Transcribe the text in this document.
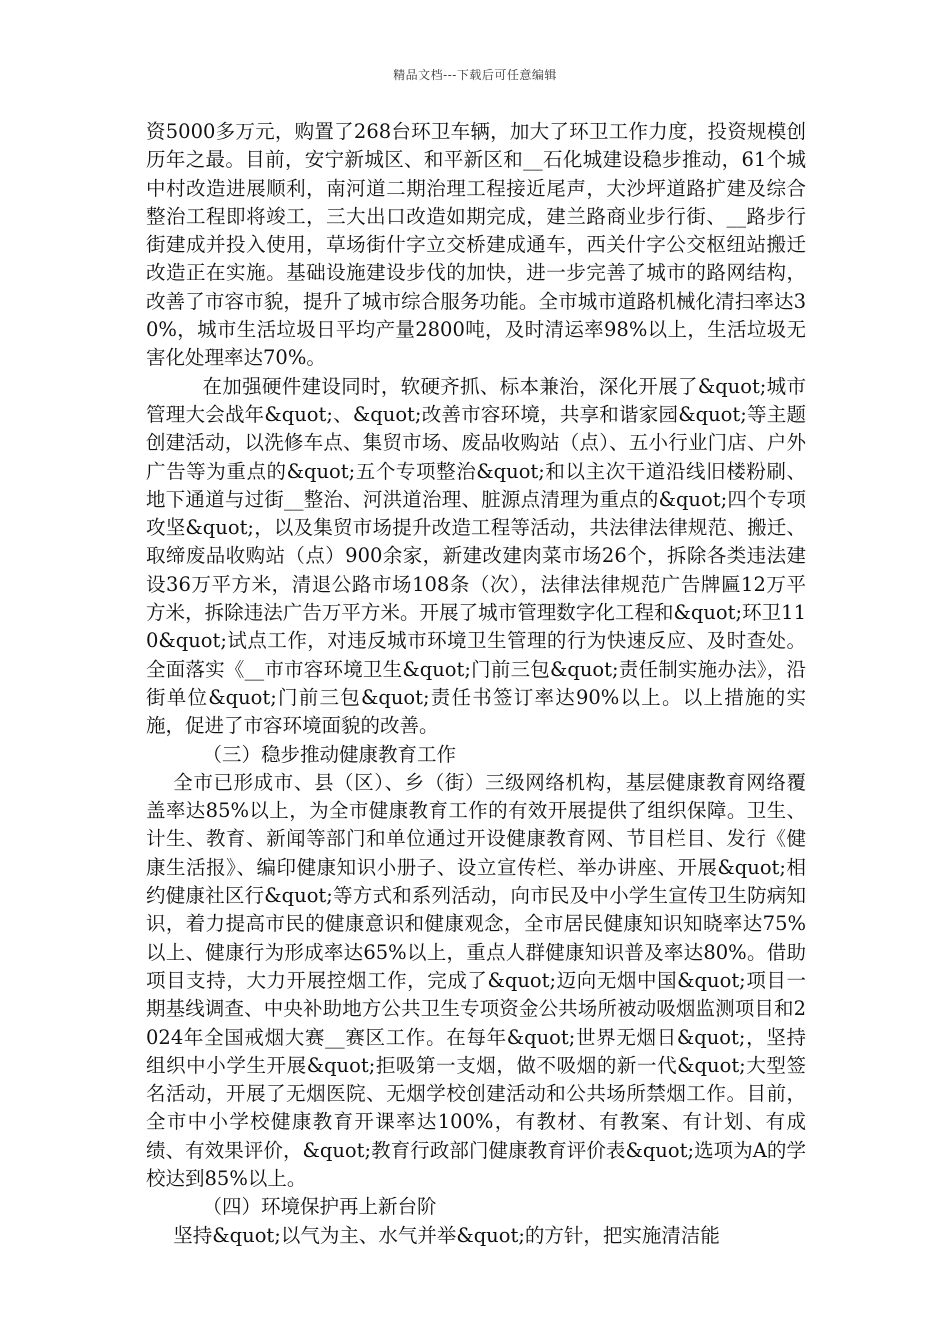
精品文档---下载后可任意编辑

资5000多万元，购置了268台环卫车辆，加大了环卫工作力度，投资规模创历年之最。目前，安宁新城区、和平新区和__石化城建设稳步推动，61个城中村改造进展顺利，南河道二期治理工程接近尾声，大沙坪道路扩建及综合整治工程即将竣工，三大出口改造如期完成，建兰路商业步行街、__路步行街建成并投入使用，草场街什字立交桥建成通车，西关什字公交枢纽站搬迁改造正在实施。基础设施建设步伐的加快，进一步完善了城市的路网结构，改善了市容市貌，提升了城市综合服务功能。全市城市道路机械化清扫率达30%，城市生活垃圾日平均产量2800吨，及时清运率98%以上，生活垃圾无害化处理率达70%。

在加强硬件建设同时，软硬齐抓、标本兼治，深化开展了&quot;城市管理大会战年&quot;、&quot;改善市容环境，共享和谐家园&quot;等主题创建活动，以洗修车点、集贸市场、废品收购站（点）、五小行业门店、户外广告等为重点的&quot;五个专项整治&quot;和以主次干道沿线旧楼粉刷、地下通道与过街__整治、河洪道治理、脏源点清理为重点的&quot;四个专项攻坚&quot;，以及集贸市场提升改造工程等活动，共法律法律规范、搬迁、取缔废品收购站（点）900余家，新建改建肉菜市场26个，拆除各类违法建设36万平方米，清退公路市场108条（次），法律法律规范广告牌匾12万平方米，拆除违法广告万平方米。开展了城市管理数字化工程和&quot;环卫110&quot;试点工作，对违反城市环境卫生管理的行为快速反应、及时查处。全面落实《__市市容环境卫生&quot;门前三包&quot;责任制实施办法》，沿街单位&quot;门前三包&quot;责任书签订率达90%以上。以上措施的实施，促进了市容环境面貌的改善。

（三）稳步推动健康教育工作

全市已形成市、县（区）、乡（街）三级网络机构，基层健康教育网络覆盖率达85%以上，为全市健康教育工作的有效开展提供了组织保障。卫生、计生、教育、新闻等部门和单位通过开设健康教育网、节目栏目、发行《健康生活报》、编印健康知识小册子、设立宣传栏、举办讲座、开展&quot;相约健康社区行&quot;等方式和系列活动，向市民及中小学生宣传卫生防病知识，着力提高市民的健康意识和健康观念，全市居民健康知识知晓率达75%以上、健康行为形成率达65%以上，重点人群健康知识普及率达80%。借助项目支持，大力开展控烟工作，完成了&quot;迈向无烟中国&quot;项目一期基线调查、中央补助地方公共卫生专项资金公共场所被动吸烟监测项目和2024年全国戒烟大赛__赛区工作。在每年&quot;世界无烟日&quot;，坚持组织中小学生开展&quot;拒吸第一支烟，做不吸烟的新一代&quot;大型签名活动，开展了无烟医院、无烟学校创建活动和公共场所禁烟工作。目前，全市中小学校健康教育开课率达100%，有教材、有教案、有计划、有成绩、有效果评价，&quot;教育行政部门健康教育评价表&quot;选项为A的学校达到85%以上。

（四）环境保护再上新台阶

坚持&quot;以气为主、水气并举&quot;的方针，把实施清洁能
